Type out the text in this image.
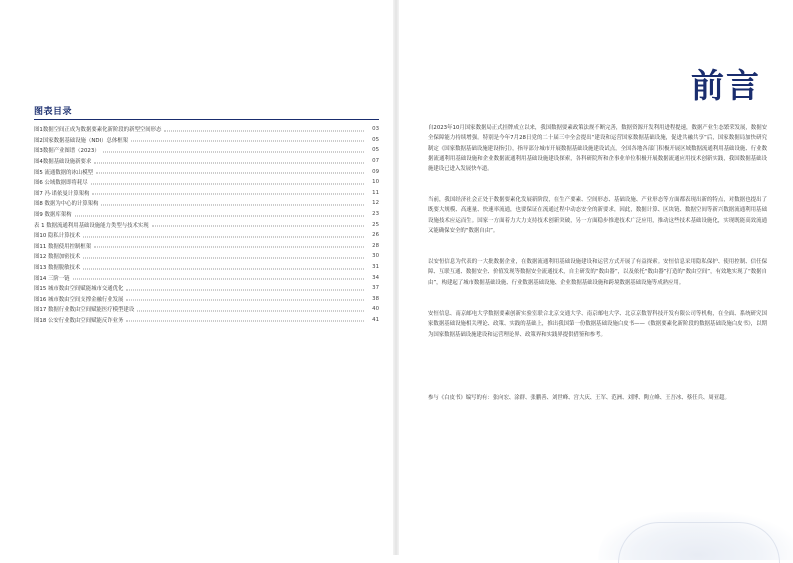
图表目录
图1数据空间正成为数据要素化新阶段的新型空间形态	03
图2国家数据基础设施（NDI）总体框架	05
图3数据产业图谱（2023）	05
图4数据基础设施新要求	07
图5 流通数据的冰山模型	09
图6 公域数据即将耗尽	10
图7 冯·诺依曼计算架构	11
图8 数据为中心的计算架构	12
图9 数据库架构	23
表 1 数据流通利用基础设施能力类型与技术实现	25
图10 隐私计算技术	26
图11 数据使用控制框架	28
图12 数据加密技术	30
图13 数据脱敏技术	31
图14 三阶一链	34
图15 城市数由空间赋能城市交通优化	37
图16 城市数由空间支撑金融行业发展	38
图17 数据行业数由空间赋能医疗模型建设	40
图18 公安行业数由空间赋能反诈业务	41
前言

自2023年10月国家数据局正式挂牌成立以来，我国数据要素政策法规不断完善，数据资源开发利用进程提速，数据产业生态繁荣发展，数据安全保障能力持续增强。特别是今年7月28日党的二十届三中全会提出“建设和运营国家数据基础设施，促进共融共享”后，国家数据局加快研究制定《国家数据基础设施建设指引》，指导部分城市开展数据基础设施建设试点，全国各地各部门积极开展区域数据流通利用基础设施、行业数据流通利用基础设施和企业数据流通利用基础设施建设探索，各科研院所和企事业单位积极开展数据流通应用技术创新实践，我国数据基础设施建设已进入发展快车道。

当前，我国经济社会正处于数据要素化发展新阶段，在生产要素、空间形态、基础设施、产业形态等方面都表现出新的特点，对数据也提出了既要大规模、高速量、快速率流通，也要保证在流通过程中动态安全的新要求，因此，数据计算、区块链、数据空间等新兴数据流通利用基础设施技术应运而生。国家一方面着力大力支持技术创新突破，另一方面稳步推进技术广泛应用，推动这些技术基础设施化，实现既能高效流通又能确保安全的“数据自由”。

以安恒信息为代表的一大批数据企业，在数据流通利用基础设施建设和运营方式开展了有益探索。安恒信息采用隐私保护、使用控制、信任保障、互联互通、数据安全、价值发现等数据安全流通技术，自主研发的“数由器”，以及依托“数由器”打造的“数由空间”，有效地实现了“数据自由”，构建起了城市数据基础设施、行业数据基础设施、企业数据基础设施和跨境数据基础设施等成熟应用。

安恒信息、南京邮电大学数据要素创新实验室联合北京交通大学、南京邮电大学、北京京数智科技开发有限公司等机构，在全面、系统研究国家数据基础设施相关理论、政策、实践的基础上，推出我国第一份数据基础设施白皮书——《数据要素化新阶段的数据基础设施白皮书》，以期为国家数据基础设施建设和运营理论界、政策界和实践界提供借鉴和参考。

参与《白皮书》编写的有：张向宏、涂群、张鹏善、刘世峰、宫大庆、王军、范洲、刘博、陶立峰、王吾冰、蔡任兵、周亚超。
